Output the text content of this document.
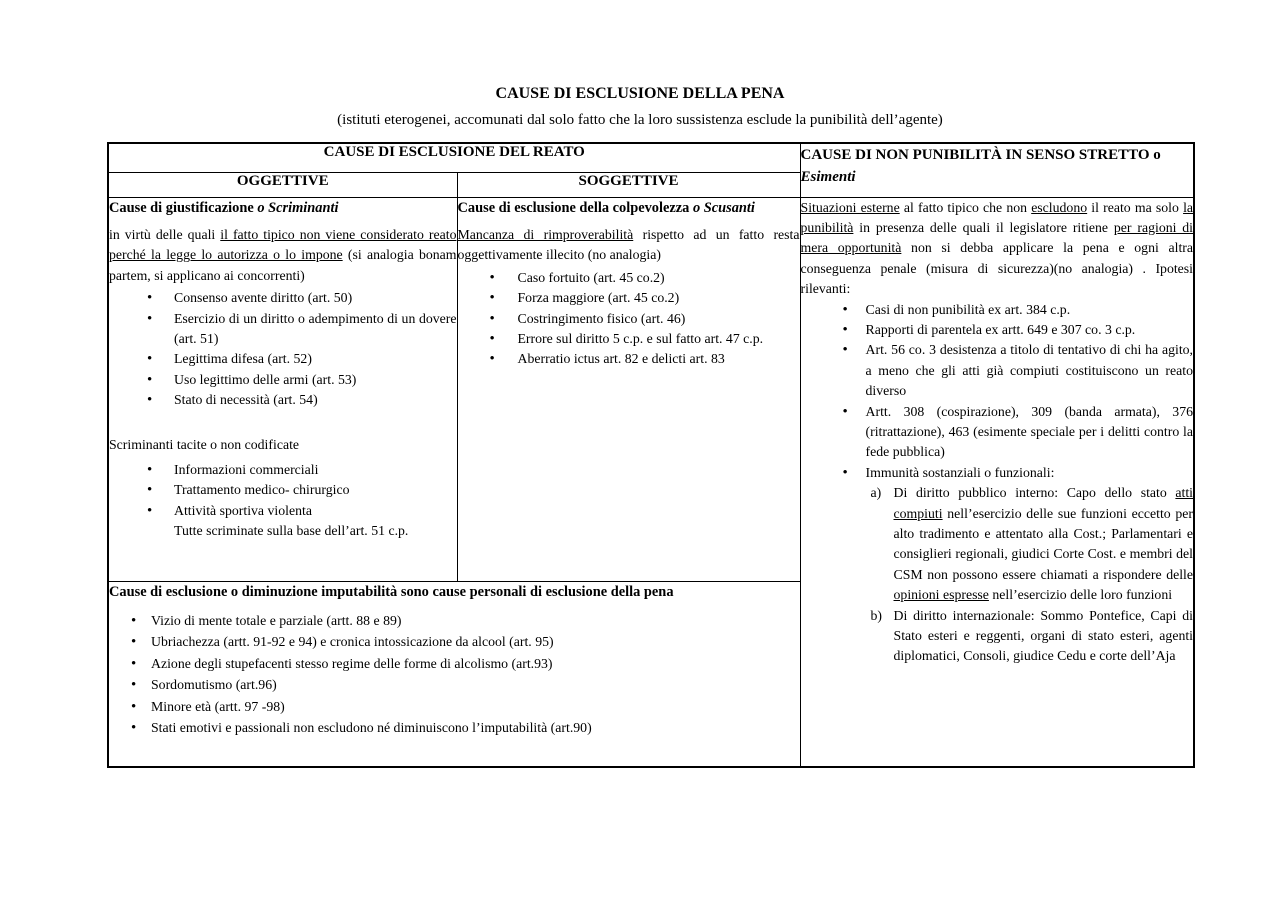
CAUSE DI ESCLUSIONE DELLA PENA
(istituti eterogenei, accomunati dal solo fatto che la loro sussistenza esclude la punibilità dell’agente)
CAUSE DI ESCLUSIONE DEL REATO		CAUSE DI NON PUNIBILITÀ IN SENSO STRETTO o
Esimenti
OGGETTIVE	SOGGETTIVE	

Cause di giustificazione o Scriminanti

in virtù delle quali il fatto tipico non viene considerato reato perché la legge lo autorizza o lo impone (si analogia bonam partem, si applicano ai concorrenti)

• Consenso avente diritto (art. 50)
• Esercizio di un diritto o adempimento di un dovere (art. 51)
• Legittima difesa (art. 52)
• Uso legittimo delle armi (art. 53)
• Stato di necessità (art. 54)
Scriminanti tacite o non codificate
• Informazioni commerciali
• Trattamento medico- chirurgico
• Attività sportiva violenta
Tutte scriminate sulla base dell’art. 51 c.p.

Cause di esclusione della colpevolezza o Scusanti

Mancanza di rimproverabilità rispetto ad un fatto resta oggettivamente illecito (no analogia)

• Caso fortuito (art. 45 co.2)
• Forza maggiore (art. 45 co.2)
• Costringimento fisico (art. 46)
• Errore sul diritto 5 c.p. e sul fatto art. 47 c.p.
• Aberratio ictus art. 82 e delicti art. 83

Situazioni esterne al fatto tipico che non escludono il reato ma solo la punibilità in presenza delle quali il legislatore ritiene per ragioni di mera opportunità non si debba applicare la pena e ogni altra conseguenza penale (misura di sicurezza)(no analogia) . Ipotesi rilevanti:

• Casi di non punibilità ex art. 384 c.p.
• Rapporti di parentela ex artt. 649 e 307 co. 3 c.p.
• Art. 56 co. 3 desistenza a titolo di tentativo di chi ha agito, a meno che gli atti già compiuti costituiscono un reato diverso
• Artt. 308 (cospirazione), 309 (banda armata), 376 (ritrattazione), 463 (esimente speciale per i delitti contro la fede pubblica)
• Immunità sostanziali o funzionali:
a) Di diritto pubblico interno: Capo dello stato atti compiuti nell’esercizio delle sue funzioni eccetto per alto tradimento e attentato alla Cost.; Parlamentari e consiglieri regionali, giudici Corte Cost. e membri del CSM non possono essere chiamati a rispondere delle opinioni espresse nell’esercizio delle loro funzioni
b) Di diritto internazionale: Sommo Pontefice, Capi di Stato esteri e reggenti, organi di stato esteri, agenti diplomatici, Consoli, giudice Cedu e corte dell’Aja

Cause di esclusione o diminuzione imputabilità sono cause personali di esclusione della pena
• Vizio di mente totale e parziale (artt. 88 e 89)
• Ubriachezza (artt. 91-92 e 94) e cronica intossicazione da alcool (art. 95)
• Azione degli stupefacenti stesso regime delle forme di alcolismo (art.93)
• Sordomutismo (art.96)
• Minore età (artt. 97 -98)
• Stati emotivi e passionali non escludono né diminuiscono l’imputabilità (art.90)
